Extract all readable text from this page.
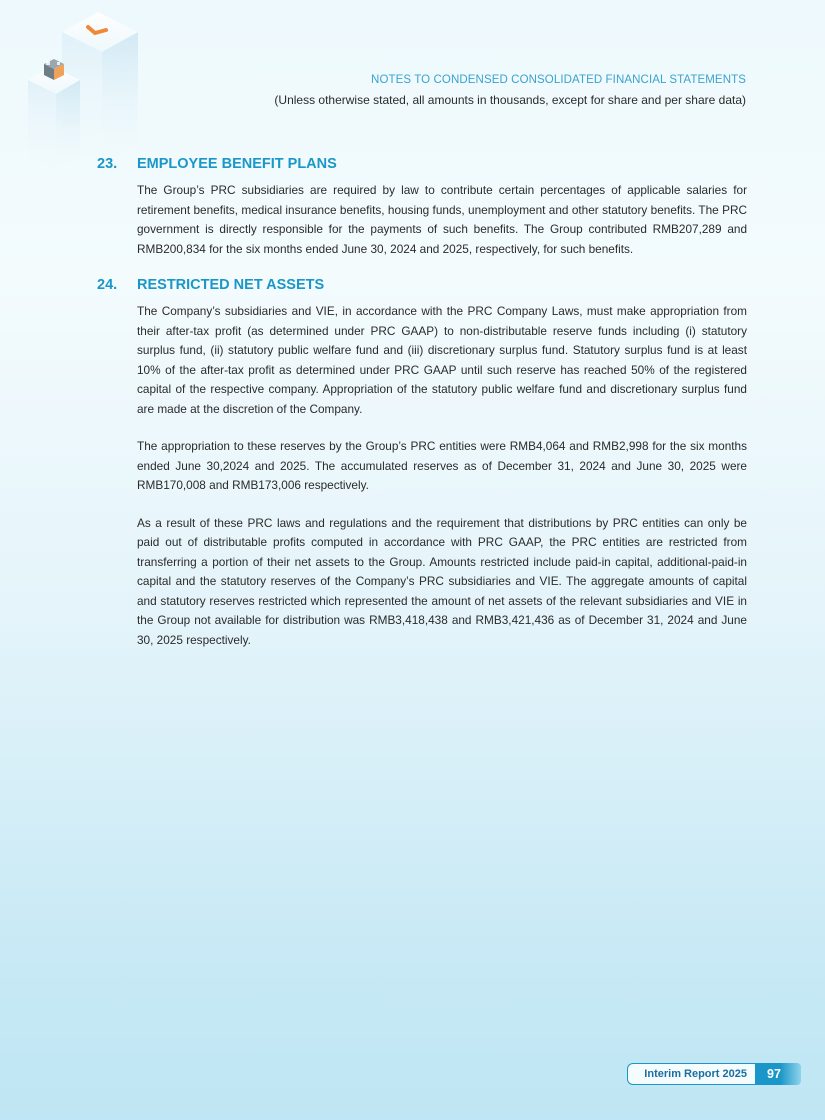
NOTES TO CONDENSED CONSOLIDATED FINANCIAL STATEMENTS
(Unless otherwise stated, all amounts in thousands, except for share and per share data)
23.	EMPLOYEE BENEFIT PLANS

The Group’s PRC subsidiaries are required by law to contribute certain percentages of applicable salaries for retirement benefits, medical insurance benefits, housing funds, unemployment and other statutory benefits. The PRC government is directly responsible for the payments of such benefits. The Group contributed RMB207,289 and RMB200,834 for the six months ended June 30, 2024 and 2025, respectively, for such benefits.

24.	RESTRICTED NET ASSETS

The Company’s subsidiaries and VIE, in accordance with the PRC Company Laws, must make appropriation from their after-tax profit (as determined under PRC GAAP) to non-distributable reserve funds including (i) statutory surplus fund, (ii) statutory public welfare fund and (iii) discretionary surplus fund. Statutory surplus fund is at least 10% of the after-tax profit as determined under PRC GAAP until such reserve has reached 50% of the registered capital of the respective company. Appropriation of the statutory public welfare fund and discretionary surplus fund are made at the discretion of the Company.

The appropriation to these reserves by the Group’s PRC entities were RMB4,064 and RMB2,998 for the six months ended June 30,2024 and 2025. The accumulated reserves as of December 31, 2024 and June 30, 2025 were RMB170,008 and RMB173,006 respectively.

As a result of these PRC laws and regulations and the requirement that distributions by PRC entities can only be paid out of distributable profits computed in accordance with PRC GAAP, the PRC entities are restricted from transferring a portion of their net assets to the Group. Amounts restricted include paid-in capital, additional-paid-in capital and the statutory reserves of the Company’s PRC subsidiaries and VIE. The aggregate amounts of capital and statutory reserves restricted which represented the amount of net assets of the relevant subsidiaries and VIE in the Group not available for distribution was RMB3,418,438 and RMB3,421,436 as of December 31, 2024 and June 30, 2025 respectively.

Interim Report 2025	97
